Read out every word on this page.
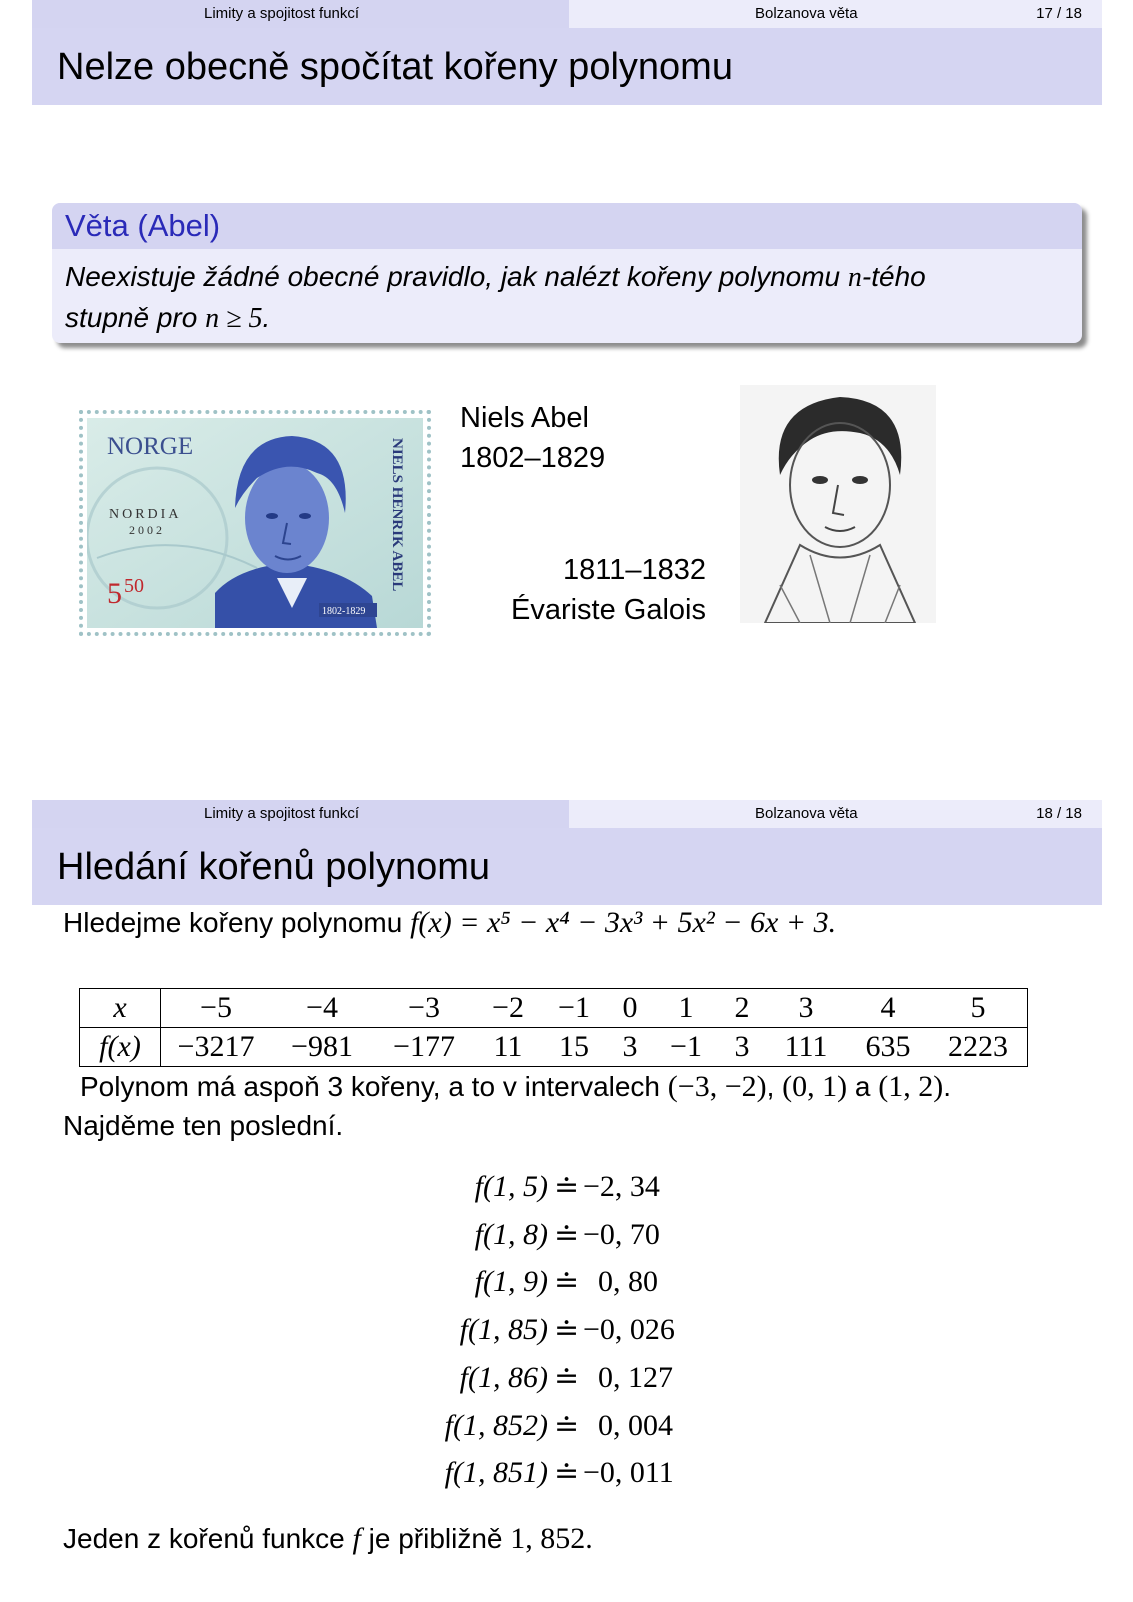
Limity a spojitost funkcí	Bolzanova věta	17 / 18
Nelze obecně spočítat kořeny polynomu
Věta (Abel)
Neexistuje žádné obecné pravidlo, jak nalézt kořeny polynomu n-tého
stupně pro n ≥ 5.
NORGE
NORDIA
2002
5 50	NIELS HENRIK ABEL
1802-1829
Niels Abel
1802–1829
1811–1832
Évariste Galois
Limity a spojitost funkcí	Bolzanova věta	18 / 18
Hledání kořenů polynomu
Hledejme kořeny polynomu f(x) = x⁵ − x⁴ − 3x³ + 5x² − 6x + 3.
x	−5	−4	−3	−2	−1	0	1	2	3	4	5
f(x)	−3217	−981	−177	11	15	3	−1	3	111	635	2223
Polynom má aspoň 3 kořeny, a to v intervalech (−3, −2), (0, 1) a (1, 2).
Najděme ten poslední.
f(1, 5) ≐ −2, 34
f(1, 8) ≐ −0, 70
f(1, 9) ≐ 0, 80
f(1, 85) ≐ −0, 026
f(1, 86) ≐ 0, 127
f(1, 852) ≐ 0, 004
f(1, 851) ≐ −0, 011
Jeden z kořenů funkce f je přibližně 1, 852.
